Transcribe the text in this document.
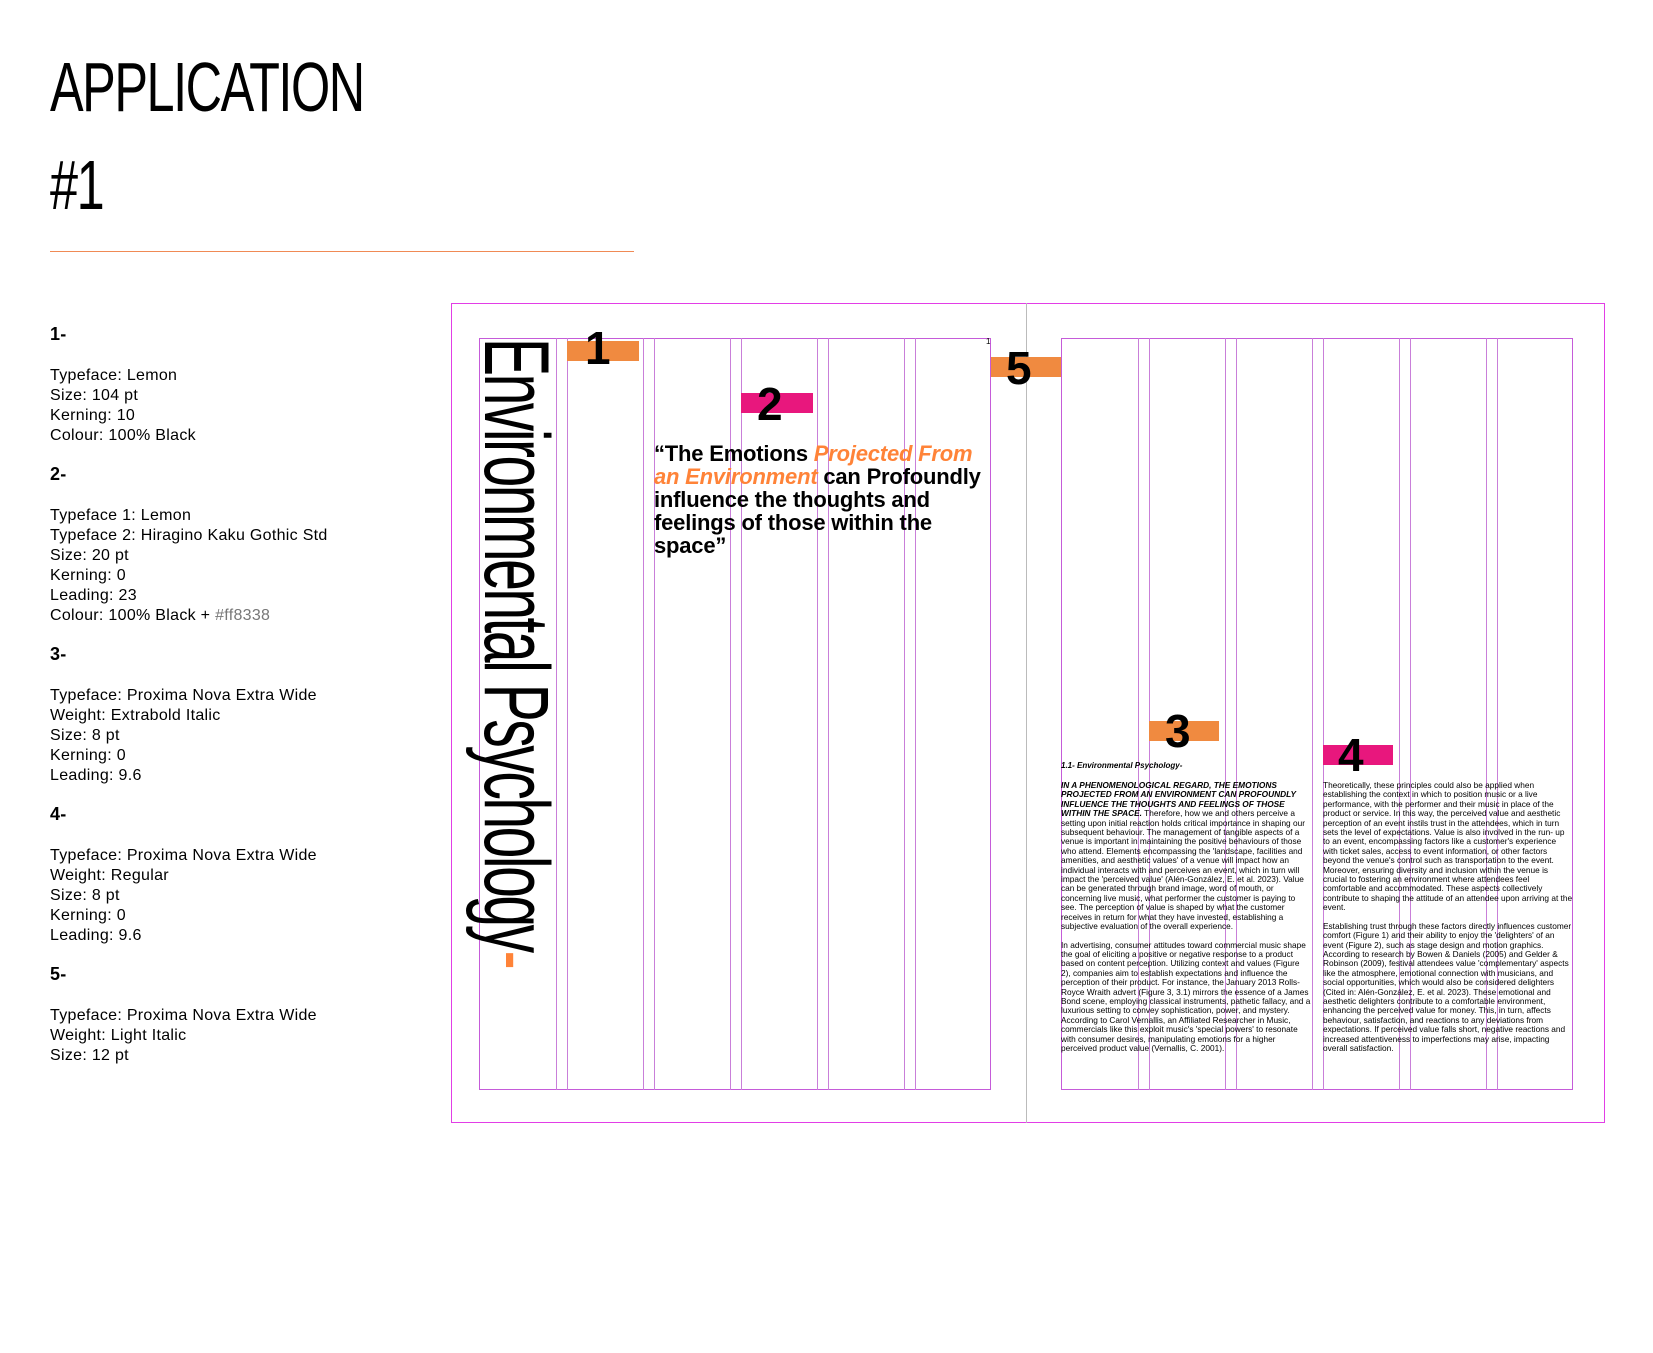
APPLICATION
#1
1-
Typeface: Lemon
Size: 104 pt
Kerning: 10
Colour: 100% Black
2-
Typeface 1: Lemon
Typeface 2: Hiragino Kaku Gothic Std
Size: 20 pt
Kerning: 0
Leading: 23
Colour: 100% Black + #ff8338
3-
Typeface: Proxima Nova Extra Wide
Weight: Extrabold Italic
Size: 8 pt
Kerning: 0
Leading: 9.6
4-
Typeface: Proxima Nova Extra Wide
Weight: Regular
Size: 8 pt
Kerning: 0
Leading: 9.6
5-
Typeface: Proxima Nova Extra Wide
Weight: Light Italic
Size: 12 pt
Environmental Psychology-
1
2
5
3	4
1
“The Emotions Projected From an Environment can Profoundly influence the thoughts and feelings of those within the space”
1.1- Environmental Psychology-

IN A PHENOMENOLOGICAL REGARD, THE EMOTIONS PROJECTED FROM AN ENVIRONMENT CAN PROFOUNDLY INFLUENCE THE THOUGHTS AND FEELINGS OF THOSE WITHIN THE SPACE. Therefore, how we and others perceive a setting upon initial reaction holds critical importance in shaping our subsequent behaviour. The management of tangible aspects of a venue is important in maintaining the positive behaviours of those who attend. Elements encompassing the 'landscape, facilities and amenities, and aesthetic values' of a venue will impact how an individual interacts with and perceives an event, which in turn will impact the 'perceived value' (Alén-González, E. et al. 2023). Value can be generated through brand image, word of mouth, or concerning live music, what performer the customer is paying to see. The perception of value is shaped by what the customer receives in return for what they have invested, establishing a subjective evaluation of the overall experience.

In advertising, consumer attitudes toward commercial music shape the goal of eliciting a positive or negative response to a product based on content perception. Utilizing context and values (Figure 2), companies aim to establish expectations and influence the perception of their product. For instance, the January 2013 Rolls-Royce Wraith advert (Figure 3, 3.1) mirrors the essence of a James Bond scene, employing classical instruments, pathetic fallacy, and a luxurious setting to convey sophistication, power, and mystery. According to Carol Vernallis, an Affiliated Researcher in Music, commercials like this exploit music's 'special powers' to resonate with consumer desires, manipulating emotions for a higher perceived product value (Vernallis, C. 2001).

Theoretically, these principles could also be applied when establishing the context in which to position music or a live performance, with the performer and their music in place of the product or service. In this way, the perceived value and aesthetic perception of an event instils trust in the attendees, which in turn sets the level of expectations. Value is also involved in the run- up to an event, encompassing factors like a customer's experience with ticket sales, access to event information, or other factors beyond the venue's control such as transportation to the event. Moreover, ensuring diversity and inclusion within the venue is crucial to fostering an environment where attendees feel comfortable and accommodated. These aspects collectively contribute to shaping the attitude of an attendee upon arriving at the event.

Establishing trust through these factors directly influences customer comfort (Figure 1) and their ability to enjoy the 'delighters' of an event (Figure 2), such as stage design and motion graphics. According to research by Bowen & Daniels (2005) and Gelder & Robinson (2009), festival attendees value 'complementary' aspects like the atmosphere, emotional connection with musicians, and social opportunities, which would also be considered delighters (Cited in: Alén-González, E. et al. 2023). These emotional and aesthetic delighters contribute to a comfortable environment, enhancing the perceived value for money. This, in turn, affects behaviour, satisfaction, and reactions to any deviations from expectations. If perceived value falls short, negative reactions and increased attentiveness to imperfections may arise, impacting overall satisfaction.
